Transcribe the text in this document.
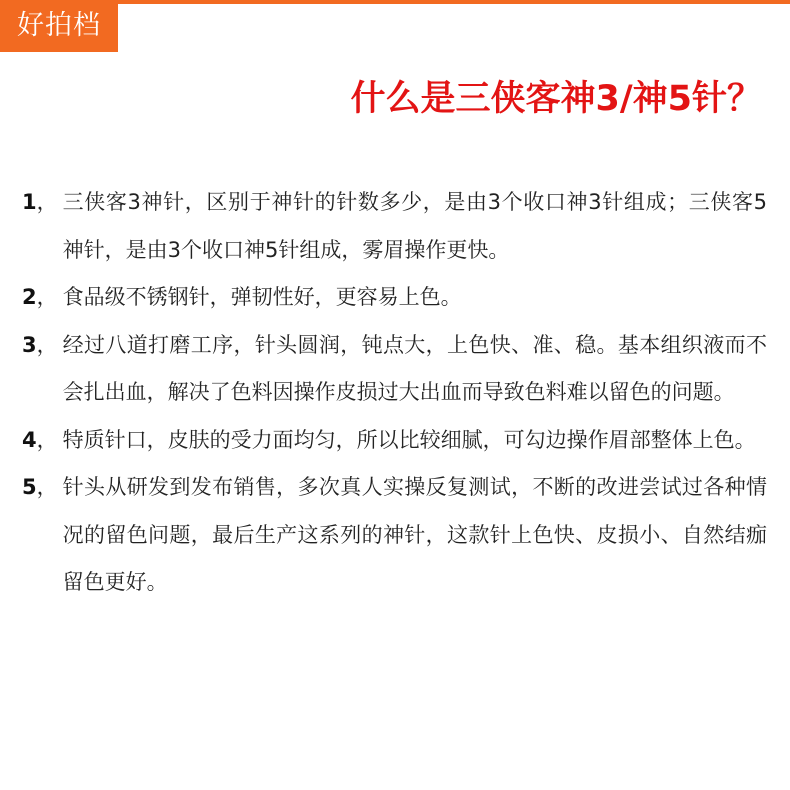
好拍档
什么是三侠客神3/神5针？
1 ， 三侠客3神针，区别于神针的针数多少，是由3个收口神3针组成；三侠客5神针，是由3个收口神5针组成，雾眉操作更快。
2 ， 食品级不锈钢针，弹韧性好，更容易上色。
3 ， 经过八道打磨工序，针头圆润，钝点大，上色快、准、稳。基本组织液而不会扎出血，解决了色料因操作皮损过大出血而导致色料难以留色的问题。
4 ， 特质针口，皮肤的受力面均匀，所以比较细腻，可勾边操作眉部整体上色。
5 ， 针头从研发到发布销售，多次真人实操反复测试，不断的改进尝试过各种情况的留色问题，最后生产这系列的神针，这款针上色快、皮损小、自然结痂留色更好。
